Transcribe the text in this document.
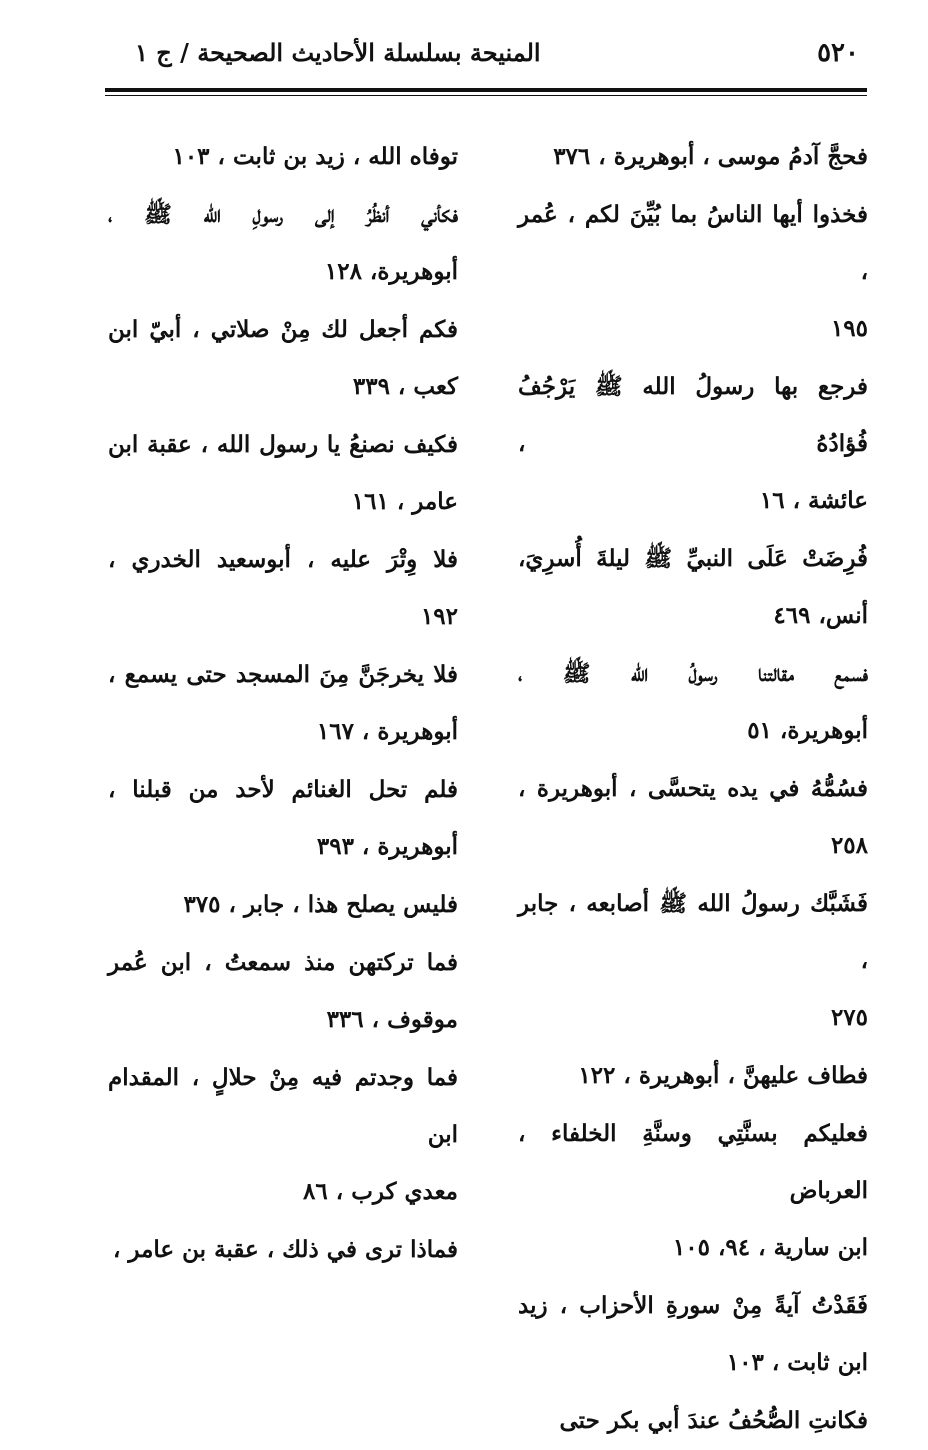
٥٢٠
المنيحة بسلسلة الأحاديث الصحيحة / ج ١
فحجَّ آدمُ موسى ، أبوهريرة ، ٣٧٦
فخذوا أيها الناسُ بما بُيِّنَ لكم ، عُمر ،
١٩٥
فرجع بها رسولُ الله ﷺ يَرْجُفُ فُؤادُهُ ،
عائشة ، ١٦
فُرِضَتْ عَلَى النبيِّ ﷺ ليلةَ أُسرِيَ،
أنس، ٤٦٩
فسمع مقالتنا رسولُ الله ﷺ ،
أبوهريرة، ٥١
فسُمُّهُ في يده يتحسَّى ، أبوهريرة ،
٢٥٨
فَشَبَّك رسولُ الله ﷺ أصابعه ، جابر ،
٢٧٥
فطاف عليهنَّ ، أبوهريرة ، ١٢٢
فعليكم بسنَّتِي وسنَّةِ الخلفاء ، العرباض
ابن سارية ، ٩٤، ١٠٥
فَقَدْتُ آيةً مِنْ سورةِ الأحزاب ، زيد
ابن ثابت ، ١٠٣
فكانتِ الصُّحُفُ عندَ أبي بكر حتى
توفاه الله ، زيد بن ثابت ، ١٠٣
فكأني أنظُرُ إلى رسولِ الله ﷺ ،
أبوهريرة، ١٢٨
فكم أجعل لك مِنْ صلاتي ، أبيّ ابن
كعب ، ٣٣٩
فكيف نصنعُ يا رسول الله ، عقبة ابن
عامر ، ١٦١
فلا وِتْرَ عليه ، أبوسعيد الخدري ،
١٩٢
فلا يخرجَنَّ مِنَ المسجد حتى يسمع ،
أبوهريرة ، ١٦٧
فلم تحل الغنائم لأحد من قبلنا ،
أبوهريرة ، ٣٩٣
فليس يصلح هذا ، جابر ، ٣٧٥
فما تركتهن منذ سمعتُ ، ابن عُمر
موقوف ، ٣٣٦
فما وجدتم فيه مِنْ حلالٍ ، المقدام ابن
معدي كرب ، ٨٦
فماذا ترى في ذلك ، عقبة بن عامر ،
